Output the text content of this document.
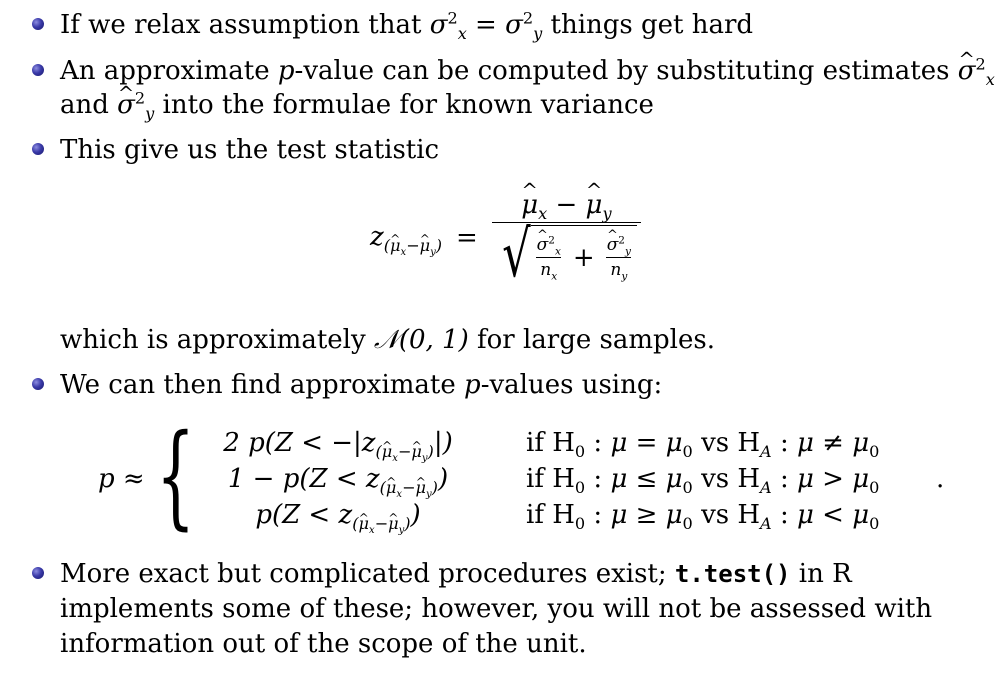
If we relax assumption that $\sigma^2_x = \sigma^2_y$ things get hard
An approximate p-value can be computed by substituting estimates ^ $\sigma^2_x$
and ^ $\sigma^2_y$ into the formulae for known variance
This give us the test statistic
$z_{(\mu_x-\mu_y)}$ =
^ $\mu_x$ − ^ $\mu_y$
√
^ $\frac{\sigma^2_x}{n_x}$ +
^ $\frac{\sigma^2_y}{n_y}$
which is approximately 𝒩(0, 1) for large samples.
We can then find approximate p-values using:
p ≈ {	2 $p(Z < -|z_{(\mu_x-\mu_y)}|)$	if $H_0$ : $\mu = \mu_0$ vs $H_A$ : $\mu \ne \mu_0$
$1 - p(Z < z_{(\mu_x-\mu_y)})$	if $H_0$ : $\mu \le \mu_0$ vs $H_A$ : $\mu > \mu_0$
$p(Z < z_{(\mu_x-\mu_y)})$	if $H_0$ : $\mu \ge \mu_0$ vs $H_A$ : $\mu < \mu_0$
.
More exact but complicated procedures exist; t.test() in R
implements some of these; however, you will not be assessed with
information out of the scope of the unit.
